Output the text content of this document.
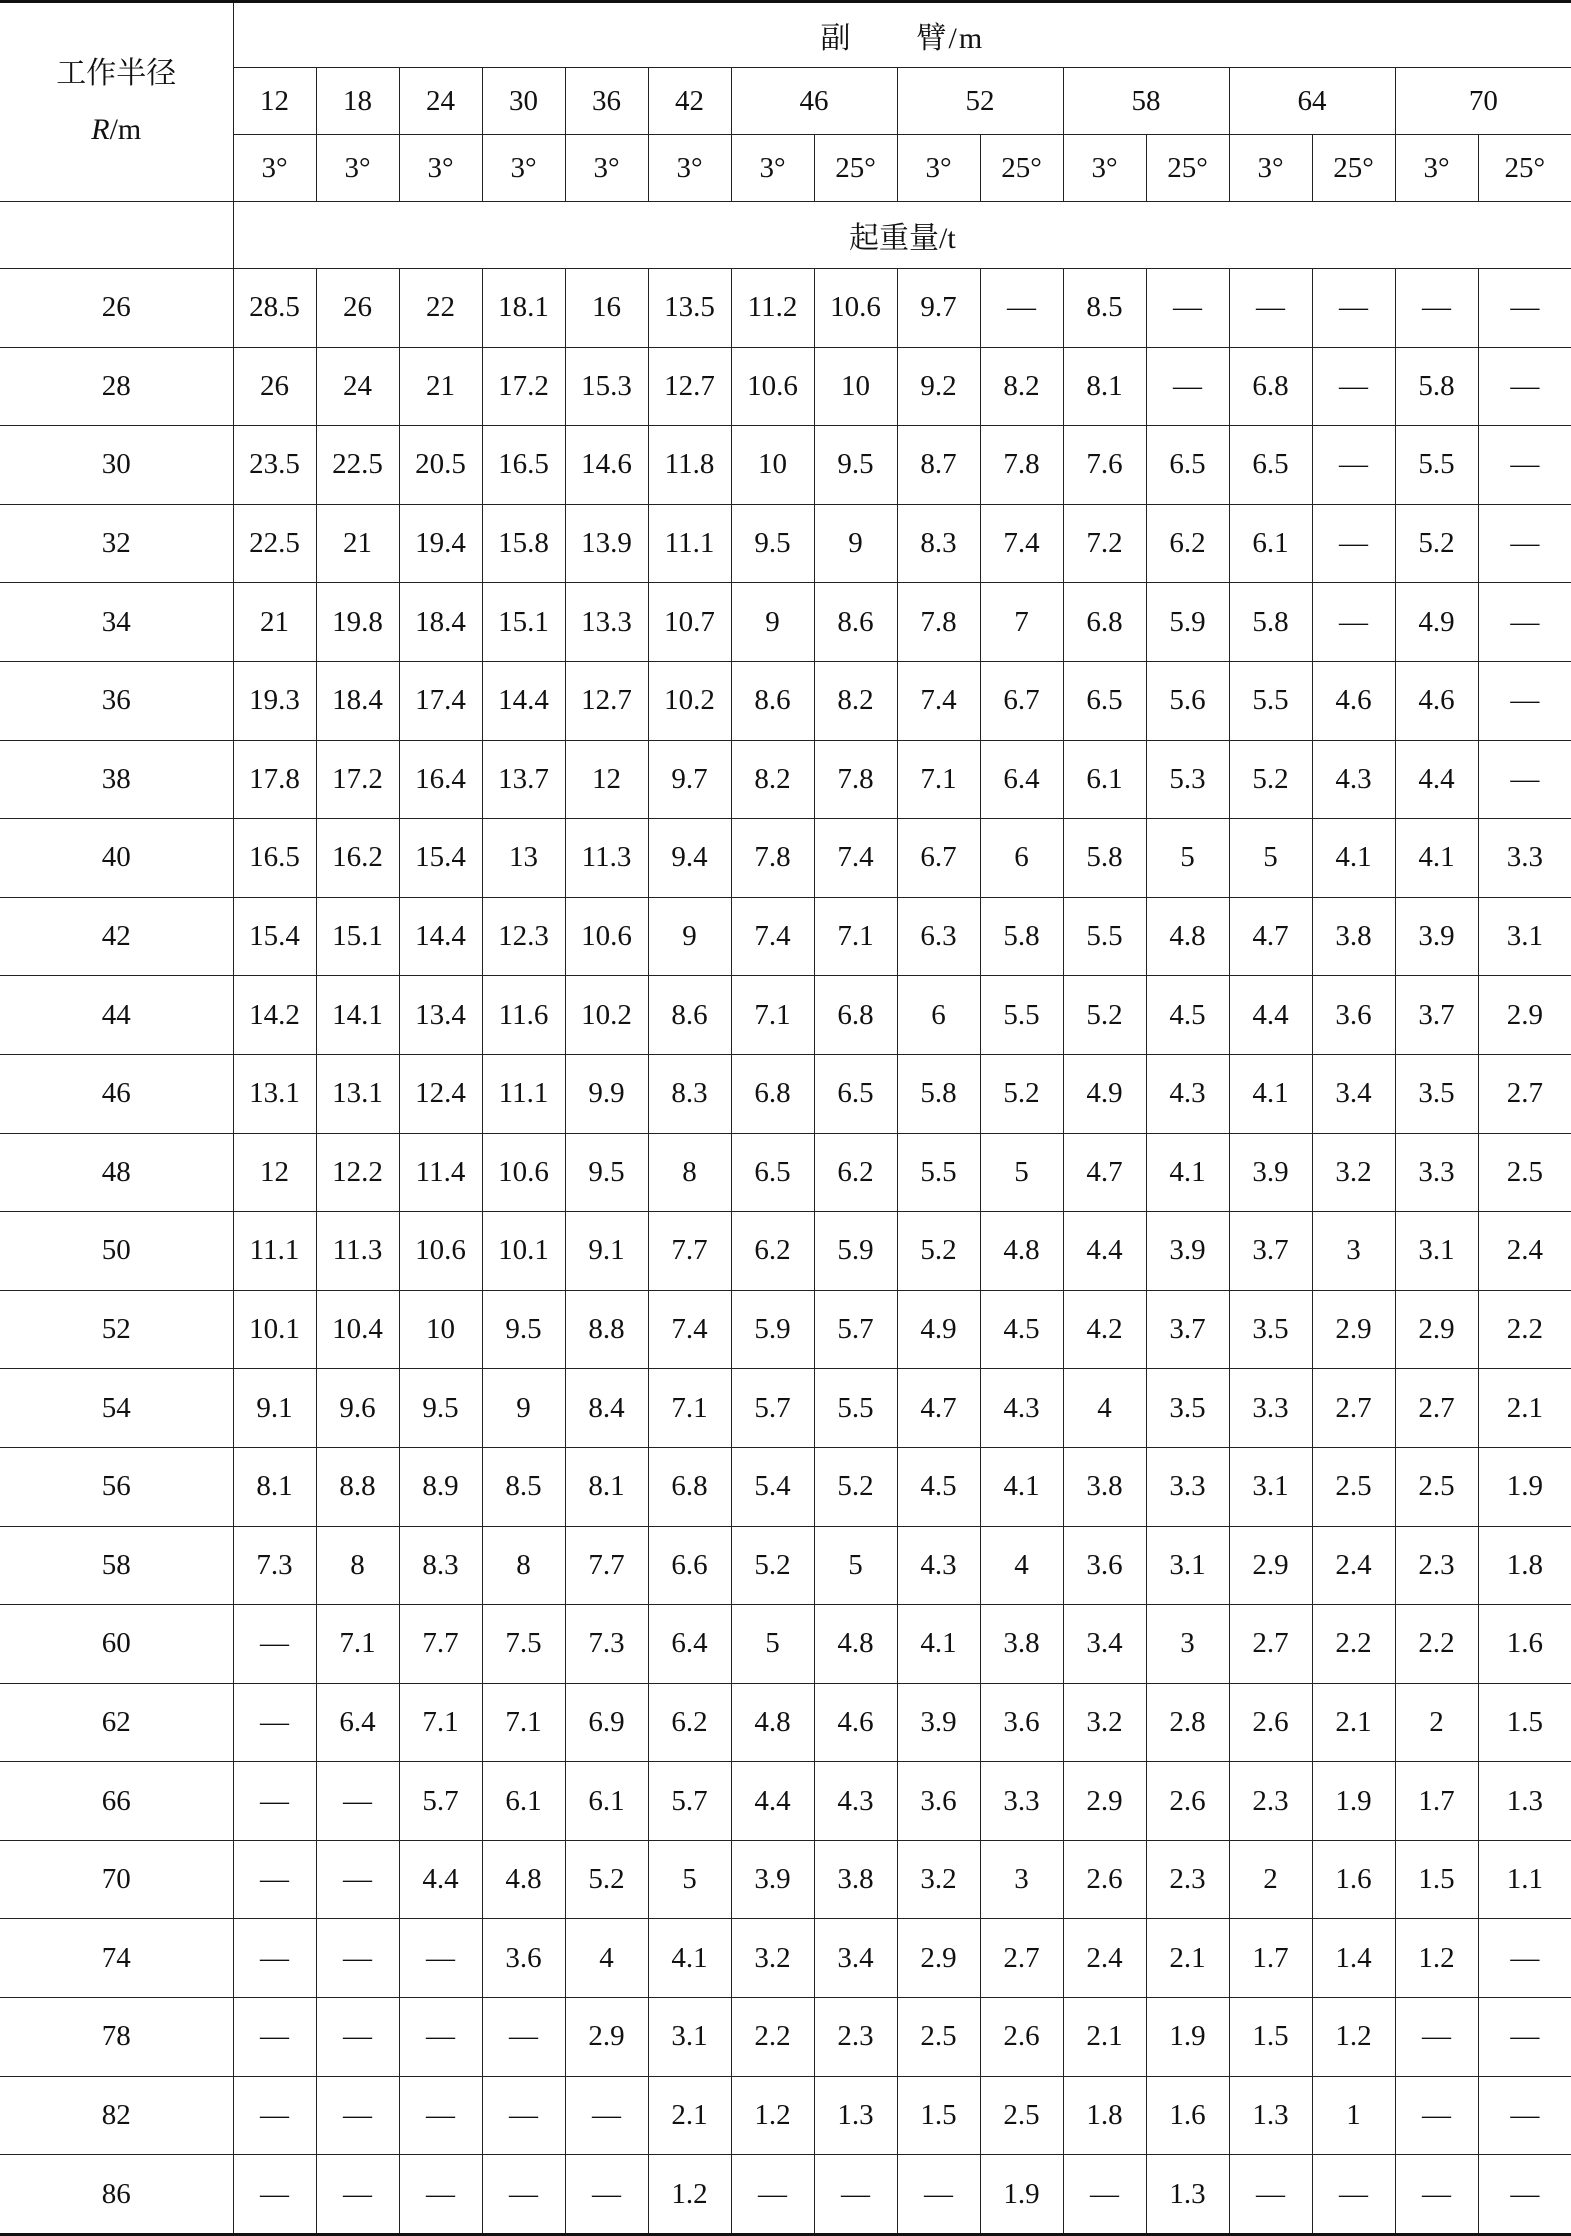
工作半径
R/m	副　　臂/m															
	12	18	24	30	36	42	46		52		58		64		70	
	3°	3°	3°	3°	3°	3°	3°	25°	3°	25°	3°	25°	3°	25°	3°	25°
	起重量/t															
26	28.5	26	22	18.1	16	13.5	11.2	10.6	9.7	—	8.5	—	—	—	—	—
28	26	24	21	17.2	15.3	12.7	10.6	10	9.2	8.2	8.1	—	6.8	—	5.8	—
30	23.5	22.5	20.5	16.5	14.6	11.8	10	9.5	8.7	7.8	7.6	6.5	6.5	—	5.5	—
32	22.5	21	19.4	15.8	13.9	11.1	9.5	9	8.3	7.4	7.2	6.2	6.1	—	5.2	—
34	21	19.8	18.4	15.1	13.3	10.7	9	8.6	7.8	7	6.8	5.9	5.8	—	4.9	—
36	19.3	18.4	17.4	14.4	12.7	10.2	8.6	8.2	7.4	6.7	6.5	5.6	5.5	4.6	4.6	—
38	17.8	17.2	16.4	13.7	12	9.7	8.2	7.8	7.1	6.4	6.1	5.3	5.2	4.3	4.4	—
40	16.5	16.2	15.4	13	11.3	9.4	7.8	7.4	6.7	6	5.8	5	5	4.1	4.1	3.3
42	15.4	15.1	14.4	12.3	10.6	9	7.4	7.1	6.3	5.8	5.5	4.8	4.7	3.8	3.9	3.1
44	14.2	14.1	13.4	11.6	10.2	8.6	7.1	6.8	6	5.5	5.2	4.5	4.4	3.6	3.7	2.9
46	13.1	13.1	12.4	11.1	9.9	8.3	6.8	6.5	5.8	5.2	4.9	4.3	4.1	3.4	3.5	2.7
48	12	12.2	11.4	10.6	9.5	8	6.5	6.2	5.5	5	4.7	4.1	3.9	3.2	3.3	2.5
50	11.1	11.3	10.6	10.1	9.1	7.7	6.2	5.9	5.2	4.8	4.4	3.9	3.7	3	3.1	2.4
52	10.1	10.4	10	9.5	8.8	7.4	5.9	5.7	4.9	4.5	4.2	3.7	3.5	2.9	2.9	2.2
54	9.1	9.6	9.5	9	8.4	7.1	5.7	5.5	4.7	4.3	4	3.5	3.3	2.7	2.7	2.1
56	8.1	8.8	8.9	8.5	8.1	6.8	5.4	5.2	4.5	4.1	3.8	3.3	3.1	2.5	2.5	1.9
58	7.3	8	8.3	8	7.7	6.6	5.2	5	4.3	4	3.6	3.1	2.9	2.4	2.3	1.8
60	—	7.1	7.7	7.5	7.3	6.4	5	4.8	4.1	3.8	3.4	3	2.7	2.2	2.2	1.6
62	—	6.4	7.1	7.1	6.9	6.2	4.8	4.6	3.9	3.6	3.2	2.8	2.6	2.1	2	1.5
66	—	—	5.7	6.1	6.1	5.7	4.4	4.3	3.6	3.3	2.9	2.6	2.3	1.9	1.7	1.3
70	—	—	4.4	4.8	5.2	5	3.9	3.8	3.2	3	2.6	2.3	2	1.6	1.5	1.1
74	—	—	—	3.6	4	4.1	3.2	3.4	2.9	2.7	2.4	2.1	1.7	1.4	1.2	—
78	—	—	—	—	2.9	3.1	2.2	2.3	2.5	2.6	2.1	1.9	1.5	1.2	—	—
82	—	—	—	—	—	2.1	1.2	1.3	1.5	2.5	1.8	1.6	1.3	1	—	—
86	—	—	—	—	—	1.2	—	—	—	1.9	—	1.3	—	—	—	—
